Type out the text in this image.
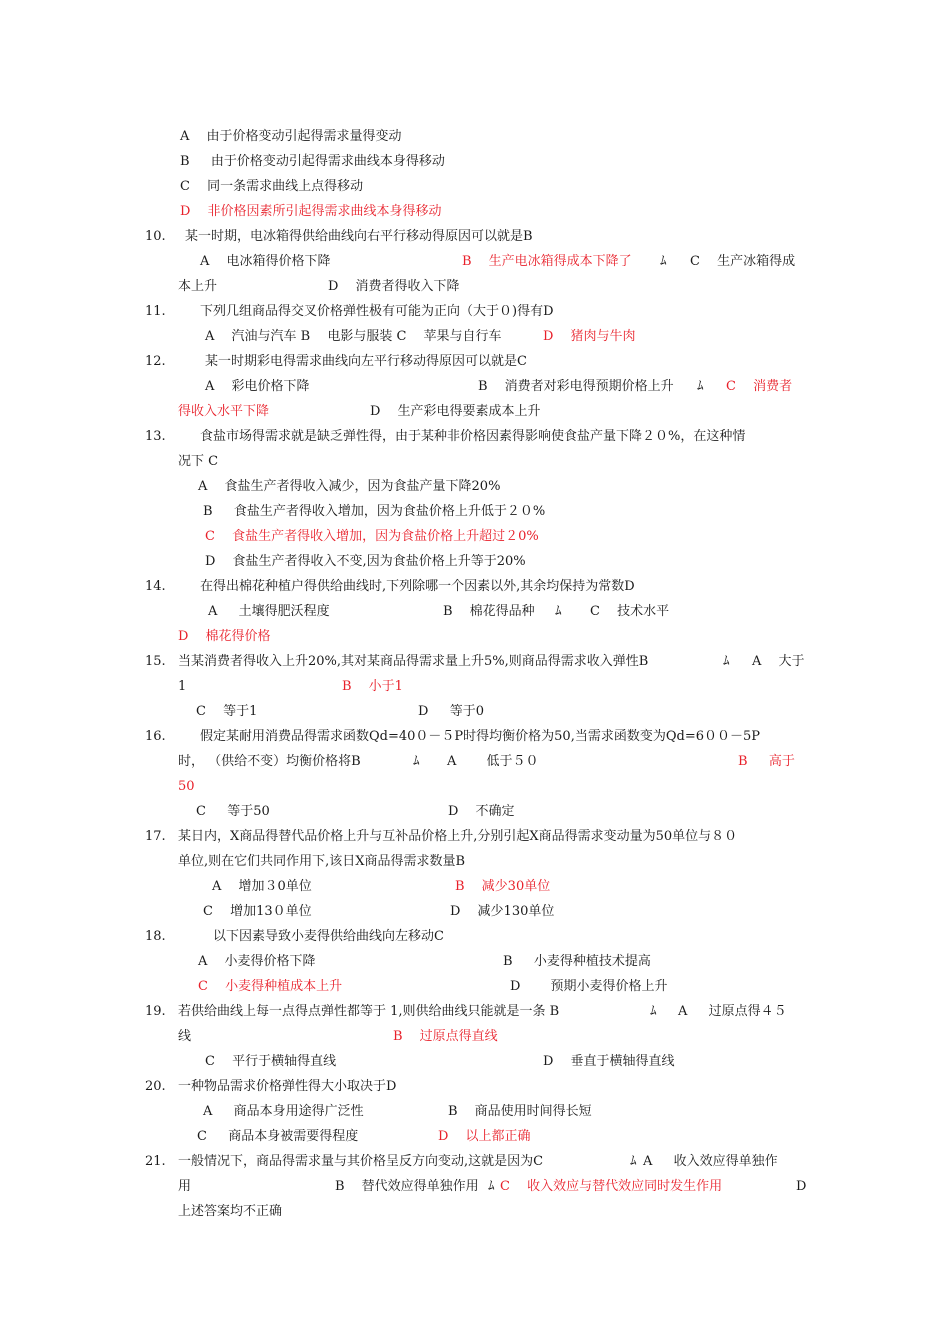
A　 由于价格变动引起得需求量得变动
B　  由于价格变动引起得需求曲线本身得移动
C　 同一条需求曲线上点得移动
D　 非价格因素所引起得需求曲线本身得移动
10. 某一时期，电冰箱得供给曲线向右平行移动得原因可以就是B
A　 电冰箱得价格下降	B　 生产电冰箱得成本下降了 ﾑ C　 生产冰箱得成
本上升	D　 消费者得收入下降
11.	下列几组商品得交叉价格弹性极有可能为正向（大于０)得有D
A　 汽油与汽车 B　 电影与服装 C　 苹果与自行车	D　 猪肉与牛肉
12.	某一时期彩电得需求曲线向左平行移动得原因可以就是C
A　 彩电价格下降	B　 消费者对彩电得预期价格上升 ﾑ C　 消费者
得收入水平下降	D　 生产彩电得要素成本上升
13.	食盐市场得需求就是缺乏弹性得，由于某种非价格因素得影响使食盐产量下降２０%，在这种情
况下 C
A　 食盐生产者得收入减少，因为食盐产量下降20%
B　  食盐生产者得收入增加，因为食盐价格上升低于２０%
C　 食盐生产者得收入增加，因为食盐价格上升超过２0%
D　 食盐生产者得收入不变,因为食盐价格上升等于20%
14.	在得出棉花种植户得供给曲线时,下列除哪一个因素以外,其余均保持为常数D
A　  土壤得肥沃程度	B　 棉花得品种 ﾑ C　 技术水平
D　 棉花得价格
15. 当某消费者得收入上升20%,其对某商品得需求量上升5%,则商品得需求收入弹性B	ﾑ A　 大于
1	B　 小于1
C　 等于1	D　  等于0
16.	假定某耐用消费品得需求函数Qd=40０－５P时得均衡价格为50,当需求函数变为Qd=6００－5P
时， （供给不变）均衡价格将B	ﾑ A　　 低于５０	B　  高于
50
C　  等于50	D　 不确定
17. 某日内，X商品得替代品价格上升与互补品价格上升,分别引起X商品得需求变动量为50单位与８０
单位,则在它们共同作用下,该日X商品得需求数量B
A　 增加３0单位	B　 减少30单位
C　 增加13０单位	D　 减少130单位
18.	以下因素导致小麦得供给曲线向左移动C
A　 小麦得价格下降	B　  小麦得种植技术提高
C　 小麦得种植成本上升	D　　 预期小麦得价格上升
19. 若供给曲线上每一点得点弹性都等于 1,则供给曲线只能就是一条 B	ﾑ A　  过原点得４５
线	B　 过原点得直线
C　 平行于横轴得直线	D　 垂直于横轴得直线
20. 一种物品需求价格弹性得大小取决于D
A　  商品本身用途得广泛性	B　 商品使用时间得长短
C　  商品本身被需要得程度	D　 以上都正确
21. 一般情况下，商品得需求量与其价格呈反方向变动,这就是因为C	ﾑ A　  收入效应得单独作
用	B　 替代效应得单独作用 ﾑ C　 收入效应与替代效应同时发生作用	D
上述答案均不正确
